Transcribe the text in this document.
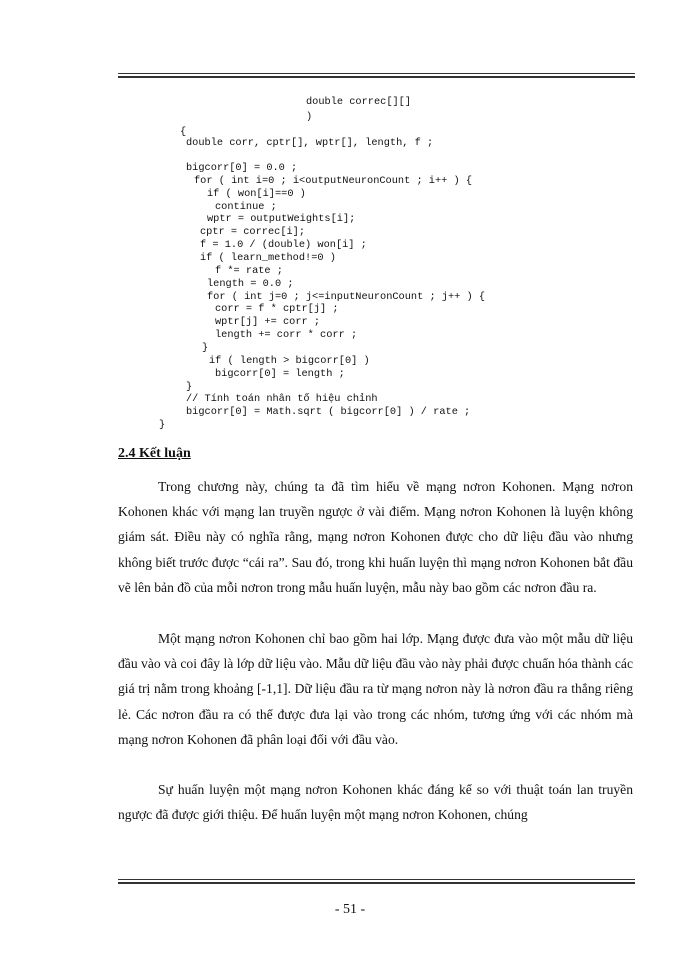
double correc[][]
)
{
double corr, cptr[], wptr[], length, f ;
bigcorr[0] = 0.0 ;
for ( int i=0 ; i<outputNeuronCount ; i++ ) {
if ( won[i]==0 )
continue ;
wptr = outputWeights[i];
cptr = correc[i];
f = 1.0 / (double) won[i] ;
if ( learn_method!=0 )
f *= rate ;
length = 0.0 ;
for ( int j=0 ; j<=inputNeuronCount ; j++ ) {
corr = f * cptr[j] ;
wptr[j] += corr ;
length += corr * corr ;
}
if ( length > bigcorr[0] )
bigcorr[0] = length ;
}
// Tính toán nhân tố hiệu chỉnh
bigcorr[0] = Math.sqrt ( bigcorr[0] ) / rate ;
}
2.4 Kết luận

Trong chương này, chúng ta đã tìm hiểu về mạng nơron Kohonen. Mạng nơron Kohonen khác với mạng lan truyền ngược ở vài điểm. Mạng nơron Kohonen là luyện không giám sát. Điều này có nghĩa rằng, mạng nơron Kohonen được cho dữ liệu đầu vào nhưng không biết trước được “cái ra”. Sau đó, trong khi huấn luyện thì mạng nơron Kohonen bắt đầu vẽ lên bản đồ của mỗi nơron trong mẫu huấn luyện, mẫu này bao gồm các nơron đầu ra.

Một mạng nơron Kohonen chỉ bao gồm hai lớp. Mạng được đưa vào một mẫu dữ liệu đầu vào và coi đây là lớp dữ liệu vào. Mẫu dữ liệu đầu vào này phải được chuẩn hóa thành các giá trị nằm trong khoảng [-1,1]. Dữ liệu đầu ra từ mạng nơron này là nơron đầu ra thắng riêng lẻ. Các nơron đầu ra có thể được đưa lại vào trong các nhóm, tương ứng với các nhóm mà mạng nơron Kohonen đã phân loại đối với đầu vào.

Sự huấn luyện một mạng nơron Kohonen khác đáng kể so với thuật toán lan truyền ngược đã được giới thiệu. Để huấn luyện một mạng nơron Kohonen, chúng

- 51 -
